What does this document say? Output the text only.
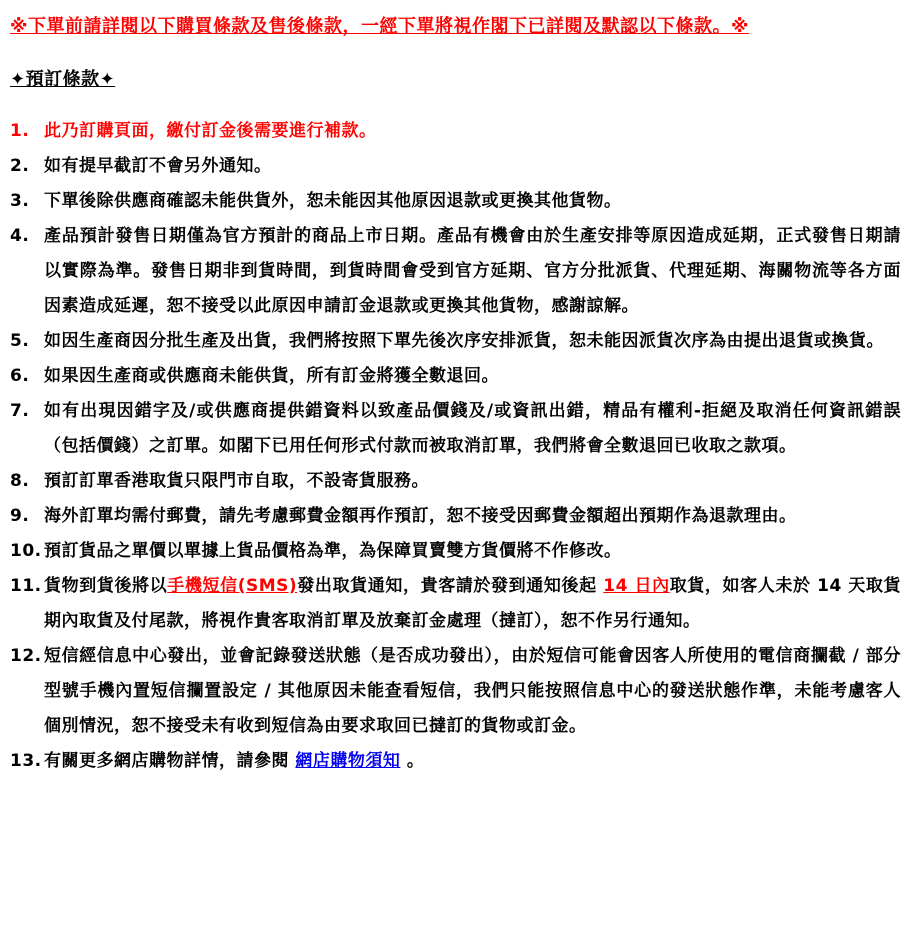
※下單前請詳閱以下購買條款及售後條款，一經下單將視作閣下已詳閱及默認以下條款。※
✦預訂條款✦
1. 此乃訂購頁面，繳付訂金後需要進行補款。
2. 如有提早截訂不會另外通知。
3. 下單後除供應商確認未能供貨外，恕未能因其他原因退款或更換其他貨物。
4. 產品預計發售日期僅為官方預計的商品上市日期。產品有機會由於生產安排等原因造成延期，正式發售日期請以實際為準。發售日期非到貨時間，到貨時間會受到官方延期、官方分批派貨、代理延期、海關物流等各方面因素造成延遲，恕不接受以此原因申請訂金退款或更換其他貨物，感謝諒解。
5. 如因生產商因分批生產及出貨，我們將按照下單先後次序安排派貨，恕未能因派貨次序為由提出退貨或換貨。
6. 如果因生產商或供應商未能供貨，所有訂金將獲全數退回。
7. 如有出現因錯字及/或供應商提供錯資料以致產品價錢及/或資訊出錯，精品有權利-拒絕及取消任何資訊錯誤（包括價錢）之訂單。如閣下已用任何形式付款而被取消訂單，我們將會全數退回已收取之款項。
8. 預訂訂單香港取貨只限門市自取，不設寄貨服務。
9. 海外訂單均需付郵費，請先考慮郵費金額再作預訂，恕不接受因郵費金額超出預期作為退款理由。
10. 預訂貨品之單價以單據上貨品價格為準，為保障買賣雙方貨價將不作修改。
11. 貨物到貨後將以手機短信(SMS)發出取貨通知，貴客請於發到通知後起 14 日內取貨，如客人未於 14 天取貨期內取貨及付尾款，將視作貴客取消訂單及放棄訂金處理（撻訂），恕不作另行通知。
12. 短信經信息中心發出，並會記錄發送狀態（是否成功發出），由於短信可能會因客人所使用的電信商攔截 / 部分型號手機內置短信攔置設定 / 其他原因未能查看短信，我們只能按照信息中心的發送狀態作準，未能考慮客人個別情況，恕不接受未有收到短信為由要求取回已撻訂的貨物或訂金。
13. 有關更多網店購物詳情，請參閱 網店購物須知 。
